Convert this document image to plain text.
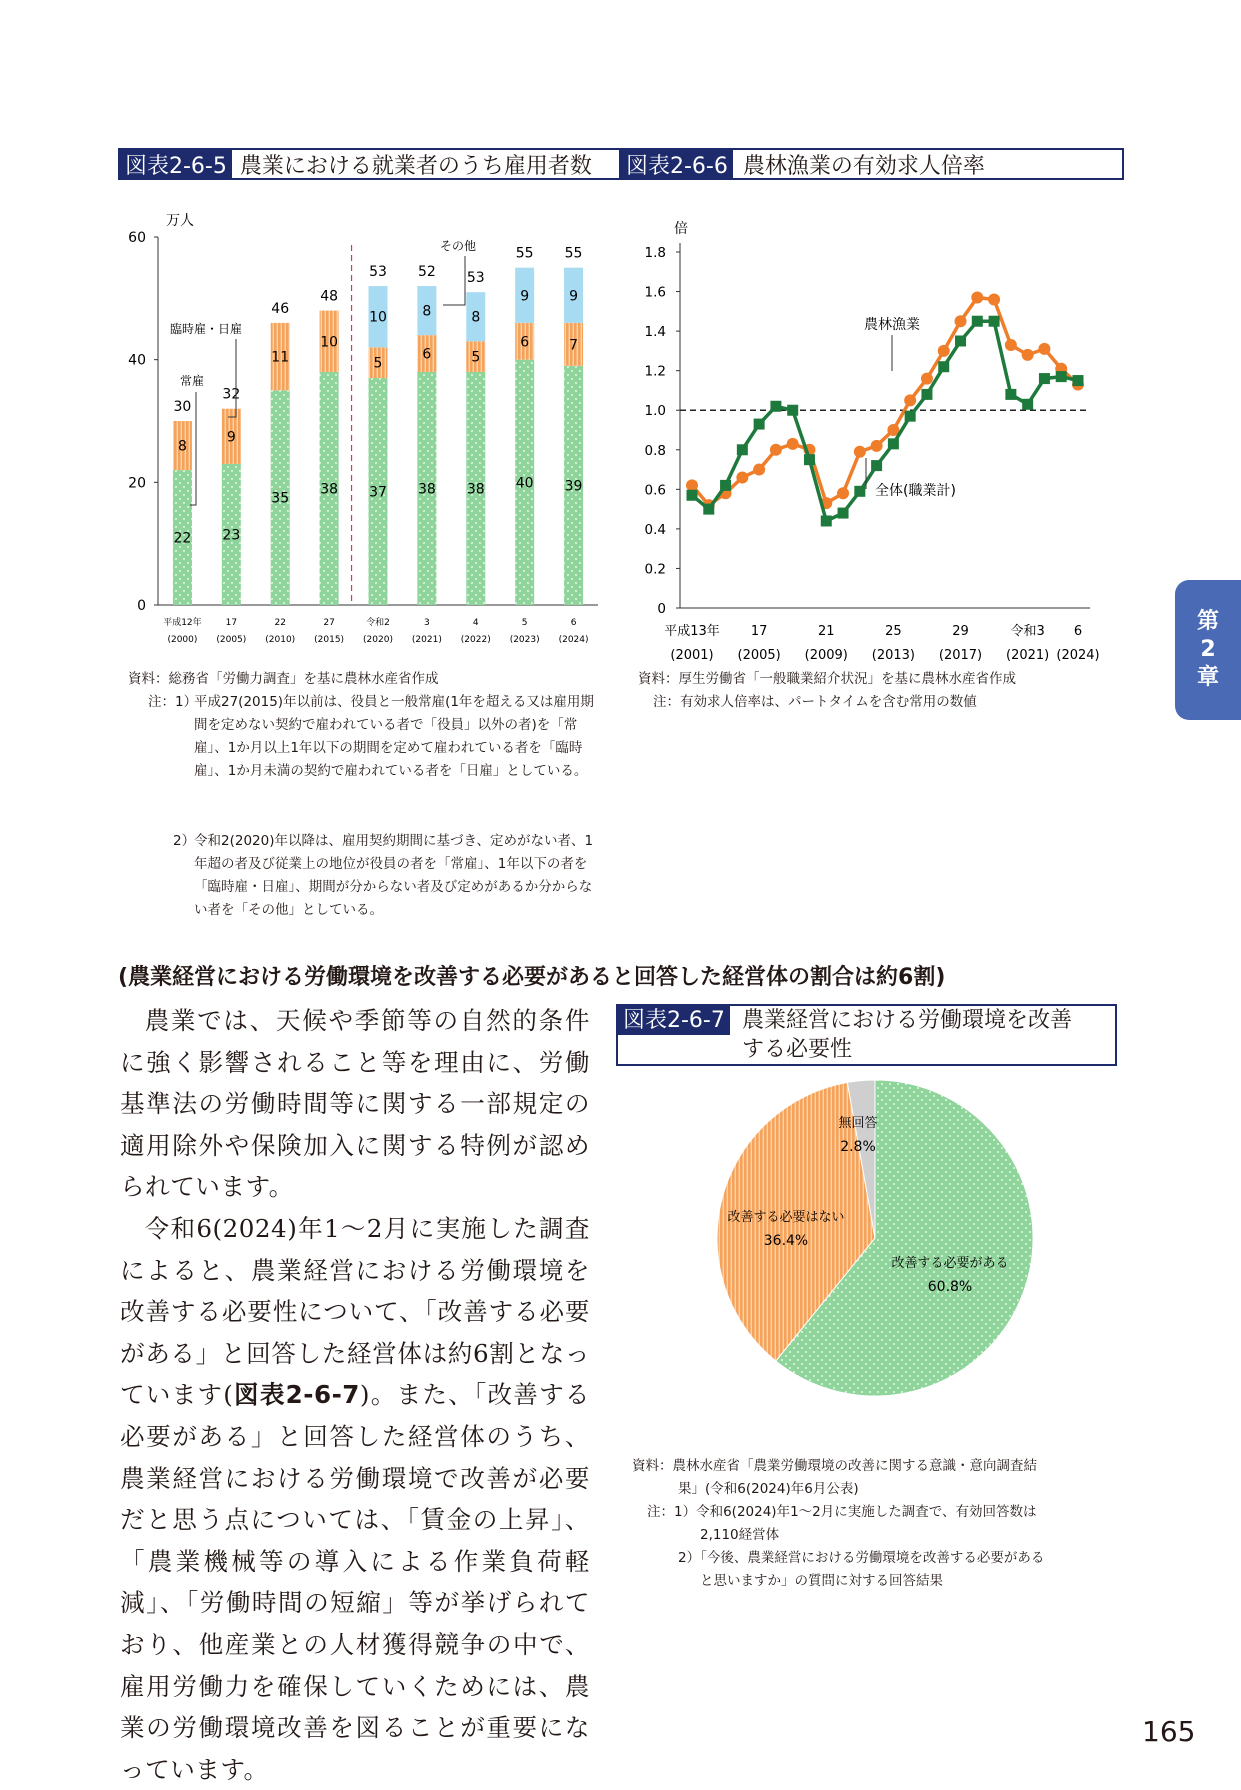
図表2-6-5 農業における就業者のうち雇用者数 図表2-6-6 農林漁業の有効求人倍率
万人
0
20
40
60
平成12年
(2000)
17
(2005)
22
(2010)
27
(2015)
令和2
(2020)
3
(2021)
4
(2022)
5
(2023)
6
(2024)
22
8
30
23
9
32
35
11
46
38
10
48
37
5
10
53
38
6
8
52
38
5
8
53
40
6
9
55
39
7
9
55
臨時雇・日雇
常雇
その他
倍
0
0.2
0.4
0.6
0.8
1.0
1.2
1.4
1.6
1.8
平成13年
(2001)
17
(2005)
21
(2009)
25
(2013)
29
(2017)
令和3
(2021)
6
(2024)
農林漁業
全体(職業計)
資料：総務省「労働力調査」を基に農林水産省作成
注：1）
平成27(2015)年以前は、役員と一般常雇(1年を超える又は雇用期間を定めない契約で雇われている者で「役員」以外の者)を「常雇」、1か月以上1年以下の期間を定めて雇われている者を「臨時雇」、1か月未満の契約で雇われている者を「日雇」としている。
2）
令和2(2020)年以降は、雇用契約期間に基づき、定めがない者、1年超の者及び従業上の地位が役員の者を「常雇」、1年以下の者を「臨時雇・日雇」、期間が分からない者及び定めがあるか分からない者を「その他」としている。
資料：厚生労働省「一般職業紹介状況」を基に農林水産省作成
注：有効求人倍率は、パートタイムを含む常用の数値
(農業経営における労働環境を改善する必要があると回答した経営体の割合は約6割)

農業では、天候や季節等の自然的条件に強く影響されること等を理由に、労働基準法の労働時間等に関する一部規定の適用除外や保険加入に関する特例が認められています。

令和6(2024)年1～2月に実施した調査によると、農業経営における労働環境を改善する必要性について、「改善する必要がある」と回答した経営体は約6割となっています(図表2-6-7)。また、「改善する必要がある」と回答した経営体のうち、農業経営における労働環境で改善が必要だと思う点については、「賃金の上昇」、「農業機械等の導入による作業負荷軽減」、「労働時間の短縮」等が挙げられており、他産業との人材獲得競争の中で、雇用労働力を確保していくためには、農業の労働環境改善を図ることが重要になっています。

図表2-6-7 農業経営における労働環境を改善
する必要性
改善する必要がある
60.8%
改善する必要はない
36.4%
無回答
2.8%
資料：農林水産省「農業労働環境の改善に関する意識・意向調査結
果」(令和6(2024)年6月公表)
注：1）令和6(2024)年1～2月に実施した調査で、有効回答数は
2,110経営体
2）「今後、農業経営における労働環境を改善する必要がある
と思いますか」の質問に対する回答結果
第
2
章
165
